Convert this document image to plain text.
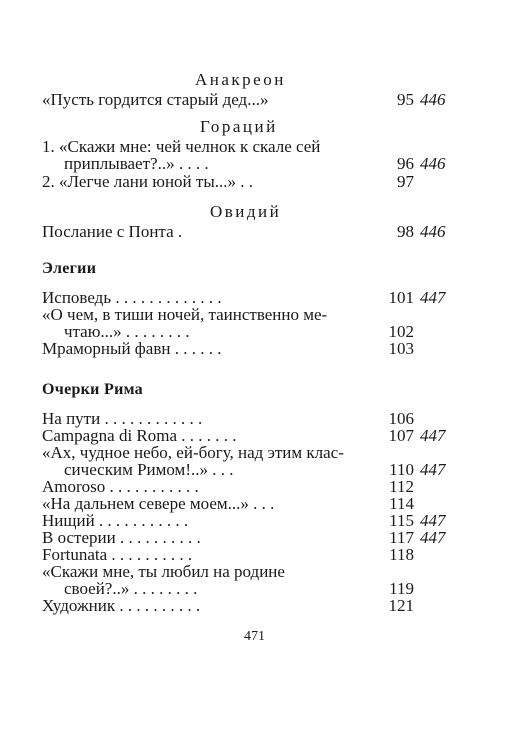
Анакреон
«Пусть гордится старый дед...»	95 446
Гораций
1. «Скажи мне: чей челнок к скале сей
приплывает?..» . . . .	96 446
2. «Легче лани юной ты...» . .	97
Овидий
Послание с Понта .	98 446
Элегии
Исповедь . . . . . . . . . . . . .	101 447
«О чем, в тиши ночей, таинственно ме-
чтаю...» . . . . . . . .	102
Мраморный фавн . . . . . .	103
Очерки Рима
На пути . . . . . . . . . . . .	106
Campagna di Roma . . . . . . .	107 447
«Ах, чудное небо, ей-богу, над этим клас-
сическим Римом!..» . . .	110 447
Amoroso . . . . . . . . . . .	112
«На дальнем севере моем...» . . .	114
Нищий . . . . . . . . . . .	115 447
В остерии . . . . . . . . . .	117 447
Fortunata . . . . . . . . . .	118
«Скажи мне, ты любил на родине
своей?..» . . . . . . . .	119
Художник . . . . . . . . . .	121
471
